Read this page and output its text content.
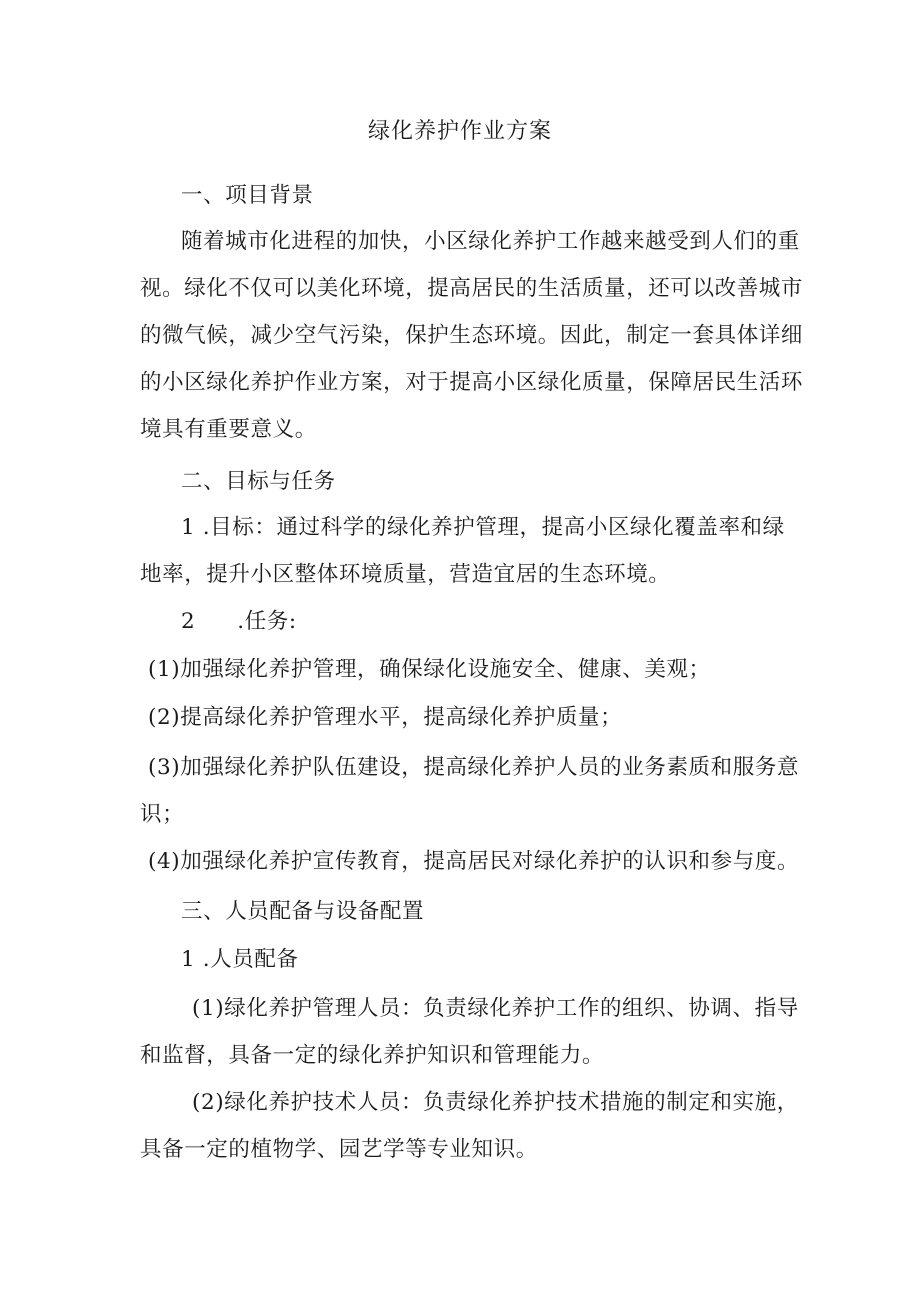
绿化养护作业方案

一、项目背景

随着城市化进程的加快，小区绿化养护工作越来越受到人们的重
视。绿化不仅可以美化环境，提高居民的生活质量，还可以改善城市
的微气候，减少空气污染，保护生态环境。因此，制定一套具体详细
的小区绿化养护作业方案，对于提高小区绿化质量，保障居民生活环
境具有重要意义。

二、目标与任务

1 .目标：通过科学的绿化养护管理，提高小区绿化覆盖率和绿
地率，提升小区整体环境质量，营造宜居的生态环境。

2 .任务:

(1)加强绿化养护管理，确保绿化设施安全、健康、美观；

(2)提高绿化养护管理水平，提高绿化养护质量；

(3)加强绿化养护队伍建设，提高绿化养护人员的业务素质和服务意
识；

(4)加强绿化养护宣传教育，提高居民对绿化养护的认识和参与度。

三、人员配备与设备配置

1 .人员配备

(1)绿化养护管理人员：负责绿化养护工作的组织、协调、指导
和监督，具备一定的绿化养护知识和管理能力。
(2)绿化养护技术人员：负责绿化养护技术措施的制定和实施，
具备一定的植物学、园艺学等专业知识。
